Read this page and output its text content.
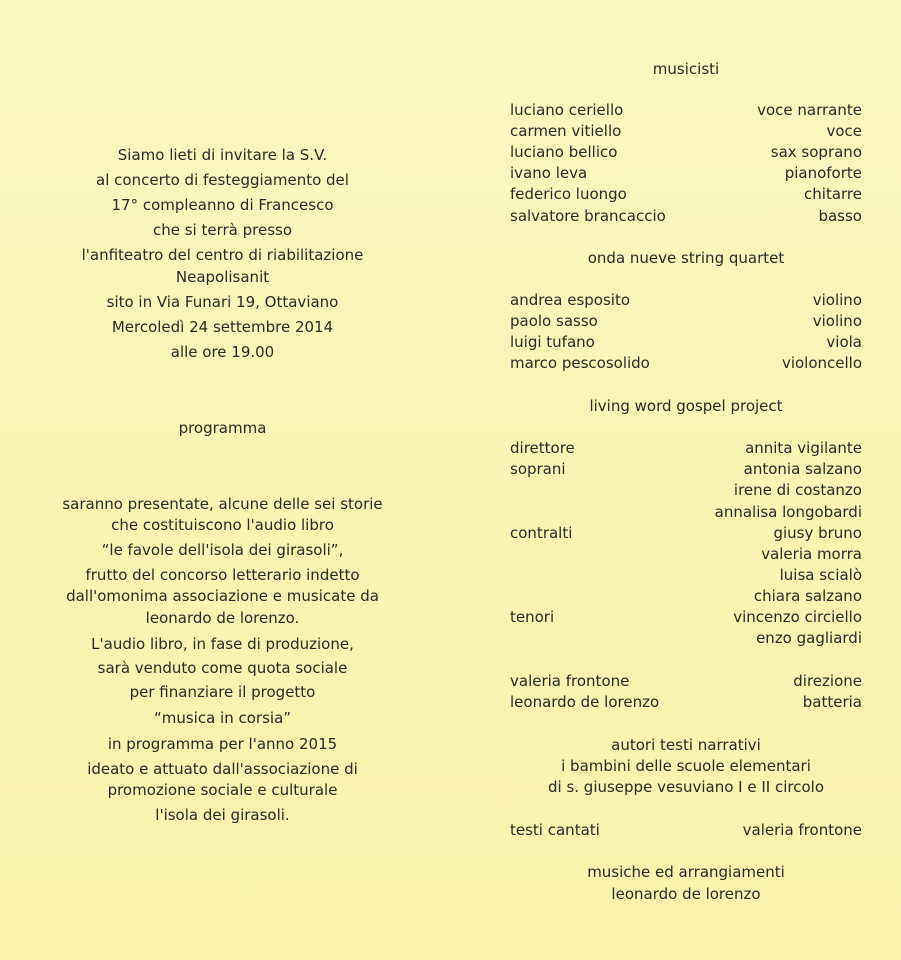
Siamo lieti di invitare la S.V.
al concerto di festeggiamento del
17° compleanno di Francesco
che si terrà presso
l'anfiteatro del centro di riabilitazione
Neapolisanit
sito in Via Funari 19, Ottaviano
Mercoledì 24 settembre 2014
alle ore 19.00
programma
saranno presentate, alcune delle sei storie
che costituiscono l'audio libro
“le favole dell'isola dei girasoli”,
frutto del concorso letterario indetto
dall'omonima associazione e musicate da
leonardo de lorenzo.
L'audio libro, in fase di produzione,
sarà venduto come quota sociale
per finanziare il progetto
“musica in corsia”
in programma per l'anno 2015
ideato e attuato dall'associazione di
promozione sociale e culturale
l'isola dei girasoli.
musicisti
luciano ceriello	voce narrante
carmen vitiello	voce
luciano bellico	sax soprano
ivano leva	pianoforte
federico luongo	chitarre
salvatore brancaccio	basso
onda nueve string quartet
andrea esposito	violino
paolo sasso	violino
luigi tufano	viola
marco pescosolido	violoncello
living word gospel project
direttore	annita vigilante
soprani	antonia salzano
irene di costanzo
annalisa longobardi
contralti	giusy bruno
valeria morra
luisa scialò
chiara salzano
tenori	vincenzo circiello
enzo gagliardi
valeria frontone	direzione
leonardo de lorenzo	batteria
autori testi narrativi
i bambini delle scuole elementari
di s. giuseppe vesuviano I e II circolo
testi cantati	valeria frontone
musiche ed arrangiamenti
leonardo de lorenzo
